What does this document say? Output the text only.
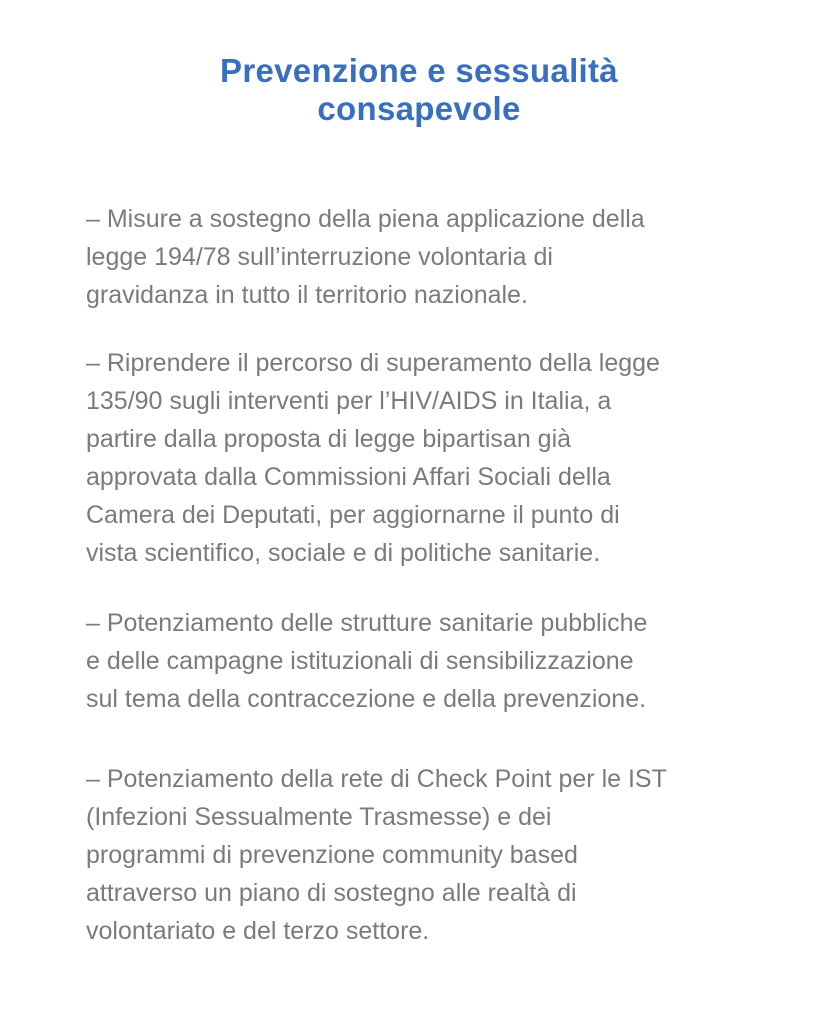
Prevenzione e sessualità
consapevole

– Misure a sostegno della piena applicazione della
legge 194/78 sull’interruzione volontaria di
gravidanza in tutto il territorio nazionale.

– Riprendere il percorso di superamento della legge
135/90 sugli interventi per l’HIV/AIDS in Italia, a
partire dalla proposta di legge bipartisan già
approvata dalla Commissioni Affari Sociali della
Camera dei Deputati, per aggiornarne il punto di
vista scientifico, sociale e di politiche sanitarie.

– Potenziamento delle strutture sanitarie pubbliche
e delle campagne istituzionali di sensibilizzazione
sul tema della contraccezione e della prevenzione.

– Potenziamento della rete di Check Point per le IST
(Infezioni Sessualmente Trasmesse) e dei
programmi di prevenzione community based
attraverso un piano di sostegno alle realtà di
volontariato e del terzo settore.
